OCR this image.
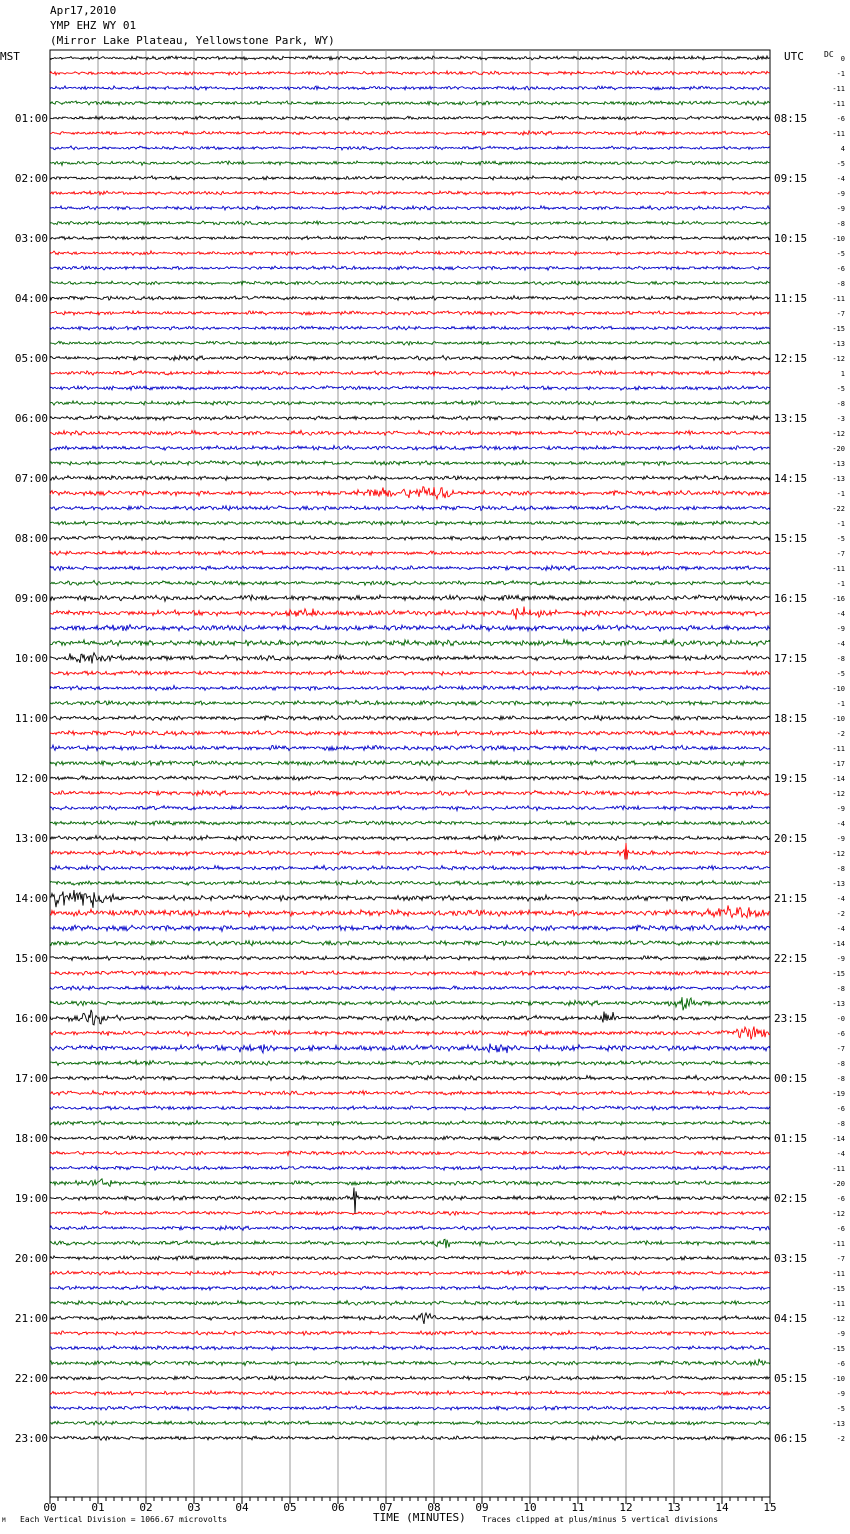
Apr17,2010
YMP EHZ WY 01
(Mirror Lake Plateau, Yellowstone Park, WY)
MST	UTC	DC
01:00
02:00
03:00
04:00
05:00
06:00
07:00
08:00
09:00
10:00
11:00
12:00
13:00
14:00
15:00
16:00
17:00
18:00
19:00
20:00
21:00
22:00
23:00
08:15
09:15
10:15
11:15
12:15
13:15
14:15
15:15
16:15
17:15
18:15
19:15
20:15
21:15
22:15
23:15
00:15
01:15
02:15
03:15
04:15
05:15
06:15
0
-1
-11
-11
-6
-11
4
-5
-4
-9
-9
-8
-10
-5
-6
-8
-11
-7
-15
-13
-12
1
-5
-8
-3
-12
-20
-13
-13
-1
-22
-1
-5
-7
-11
-1
-16
-4
-9
-4
-8
-5
-10
-1
-10
-2
-11
-17
-14
-12
-9
-4
-9
-12
-8
-13
-4
-2
-4
-14
-9
-15
-8
-13
-0
-6
-7
-8
-8
-19
-6
-8
-14
-4
-11
-20
-6
-12
-6
-11
-7
-11
-15
-11
-12
-9
-15
-6
-10
-9
-5
-13
-2
00	01	02	03	04	05	06	07	08	09	10	11	12	13	14	15
M Each Vertical Division = 1066.67 microvolts	TIME (MINUTES) Traces clipped at plus/minus 5 vertical divisions
